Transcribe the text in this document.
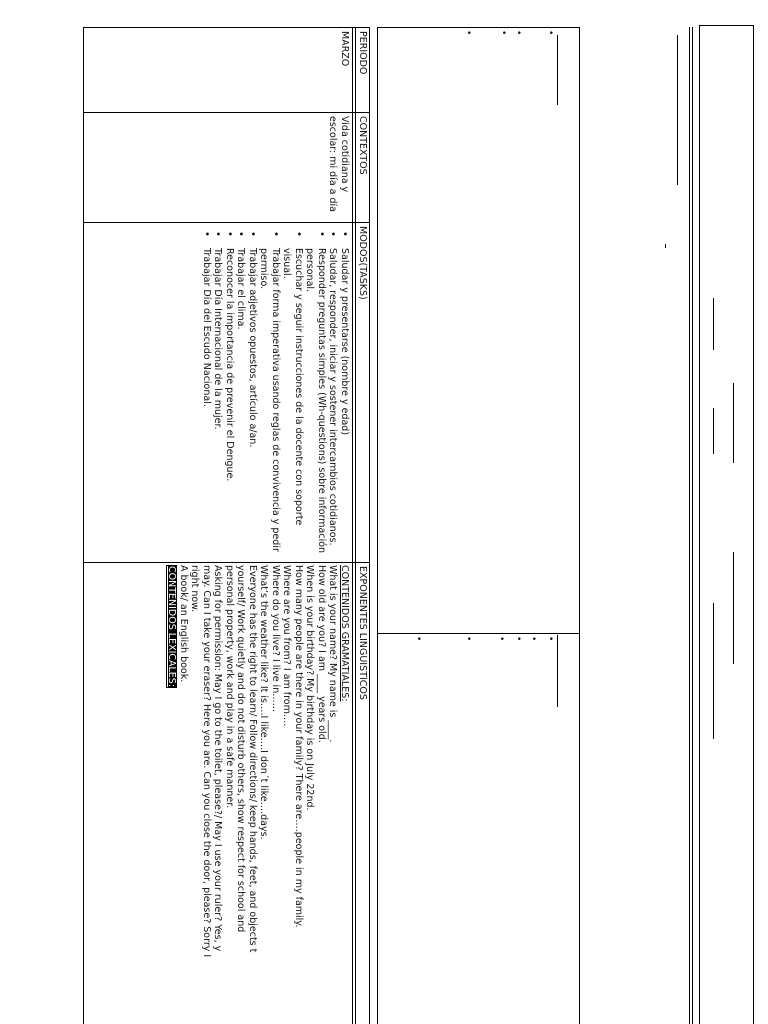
PERIODO
CONTEXTOS
MODOS(TASKS)
EXPONENTES LINGUISTICOS
MARZO
Vida cotidiana y escolar: mi día a día
• Saludar y presentarse (nombre y edad)
• Saludar, responder, iniciar y sostener intercambios cotidianos.
• Responder preguntas simples (Wh-questions) sobre información personal.
• Escuchar y seguir instrucciones de la docente con soporte visual.
• Trabajar forma imperativa usando reglas de convivencia y pedir permiso.
• Trabajar adjetivos opuestos, artículo a/an.
• Trabajar el clima.
• Reconocer la importancia de prevenir el Dengue.
• Trabajar Día Internacional de la mujer.
• Trabajar Día del Escudo Nacional.
CONTENIDOS GRAMATIALES:
What is your name? My name is ____.
How old are you? I am ____ years old.
When is your birthday? My birthday is on July 22nd.
How many people are there in your family? There are….people in my family.
Where are you from? I am from….
Where do you live? I live in……
What’s the weather like? It is….I like….I don´t like….days.
Everyone has the right to learn/ Follow directions/ keep hands, feet, and objects t
yourself/ Work quietly and do not disturb others, show respect for school and
personal property, work and play in a safe manner.
Asking for permission: May I go to the toilet, please?/ May I use your ruler? Yes, y
may. Can I take your eraser? Here you are. Can you close the door, please? Sorry I
right now.
A book/ an English book.
CONTENIDOS LEXICALES:
•
•
•
•
•
•
•
•
•
•
